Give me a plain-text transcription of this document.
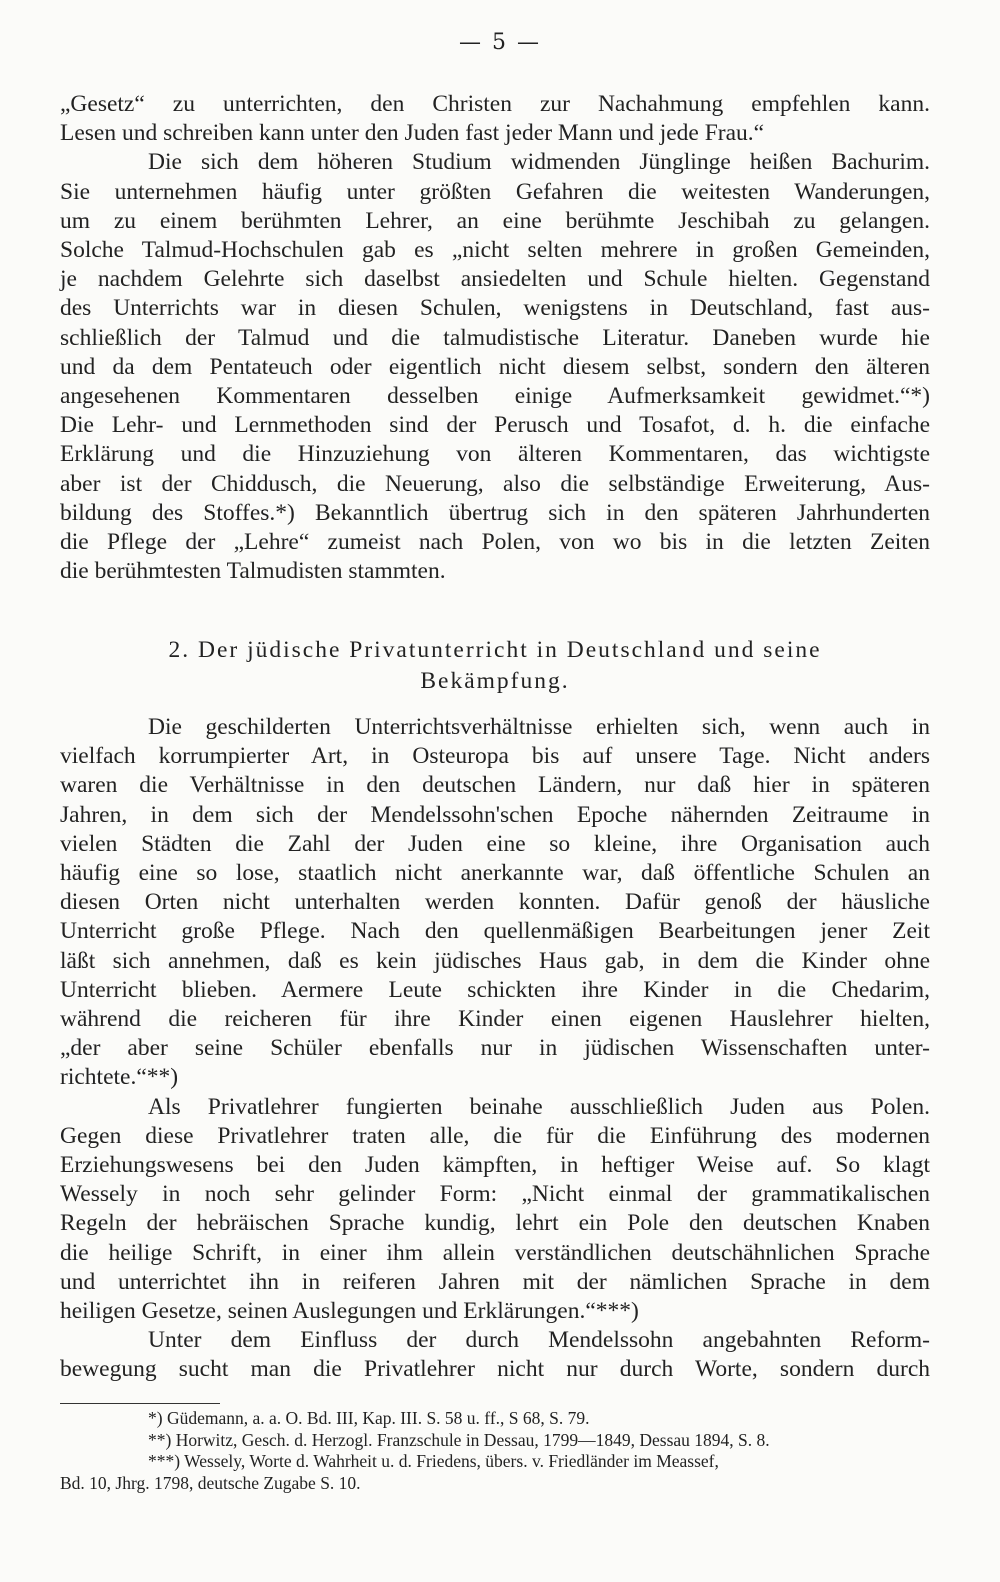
— 5 —
„Gesetz“ zu unterrichten, den Christen zur Nachahmung empfehlen kann.
Lesen und schreiben kann unter den Juden fast jeder Mann und jede Frau.“
Die sich dem höheren Studium widmenden Jünglinge heißen Bachurim.
Sie unternehmen häufig unter größten Gefahren die weitesten Wanderungen,
um zu einem berühmten Lehrer, an eine berühmte Jeschibah zu gelangen.
Solche Talmud-Hochschulen gab es „nicht selten mehrere in großen Gemeinden,
je nachdem Gelehrte sich daselbst ansiedelten und Schule hielten. Gegenstand
des Unterrichts war in diesen Schulen, wenigstens in Deutschland, fast aus-
schließlich der Talmud und die talmudistische Literatur. Daneben wurde hie
und da dem Pentateuch oder eigentlich nicht diesem selbst, sondern den älteren
angesehenen Kommentaren desselben einige Aufmerksamkeit gewidmet.“*)
Die Lehr- und Lernmethoden sind der Perusch und Tosafot, d. h. die einfache
Erklärung und die Hinzuziehung von älteren Kommentaren, das wichtigste
aber ist der Chiddusch, die Neuerung, also die selbständige Erweiterung, Aus-
bildung des Stoffes.*) Bekanntlich übertrug sich in den späteren Jahrhunderten
die Pflege der „Lehre“ zumeist nach Polen, von wo bis in die letzten Zeiten
die berühmtesten Talmudisten stammten.
2. Der jüdische Privatunterricht in Deutschland und seine
Bekämpfung.
Die geschilderten Unterrichtsverhältnisse erhielten sich, wenn auch in
vielfach korrumpierter Art, in Osteuropa bis auf unsere Tage. Nicht anders
waren die Verhältnisse in den deutschen Ländern, nur daß hier in späteren
Jahren, in dem sich der Mendelssohn'schen Epoche nähernden Zeitraume in
vielen Städten die Zahl der Juden eine so kleine, ihre Organisation auch
häufig eine so lose, staatlich nicht anerkannte war, daß öffentliche Schulen an
diesen Orten nicht unterhalten werden konnten. Dafür genoß der häusliche
Unterricht große Pflege. Nach den quellenmäßigen Bearbeitungen jener Zeit
läßt sich annehmen, daß es kein jüdisches Haus gab, in dem die Kinder ohne
Unterricht blieben. Aermere Leute schickten ihre Kinder in die Chedarim,
während die reicheren für ihre Kinder einen eigenen Hauslehrer hielten,
„der aber seine Schüler ebenfalls nur in jüdischen Wissenschaften unter-
richtete.“**)
Als Privatlehrer fungierten beinahe ausschließlich Juden aus Polen.
Gegen diese Privatlehrer traten alle, die für die Einführung des modernen
Erziehungswesens bei den Juden kämpften, in heftiger Weise auf. So klagt
Wessely in noch sehr gelinder Form: „Nicht einmal der grammatikalischen
Regeln der hebräischen Sprache kundig, lehrt ein Pole den deutschen Knaben
die heilige Schrift, in einer ihm allein verständlichen deutschähnlichen Sprache
und unterrichtet ihn in reiferen Jahren mit der nämlichen Sprache in dem
heiligen Gesetze, seinen Auslegungen und Erklärungen.“***)
Unter dem Einfluss der durch Mendelssohn angebahnten Reform-
bewegung sucht man die Privatlehrer nicht nur durch Worte, sondern durch
*) Güdemann, a. a. O. Bd. III, Kap. III. S. 58 u. ff., S 68, S. 79.
**) Horwitz, Gesch. d. Herzogl. Franzschule in Dessau, 1799—1849, Dessau 1894, S. 8.
***) Wessely, Worte d. Wahrheit u. d. Friedens, übers. v. Friedländer im Meassef,
Bd. 10, Jhrg. 1798, deutsche Zugabe S. 10.
